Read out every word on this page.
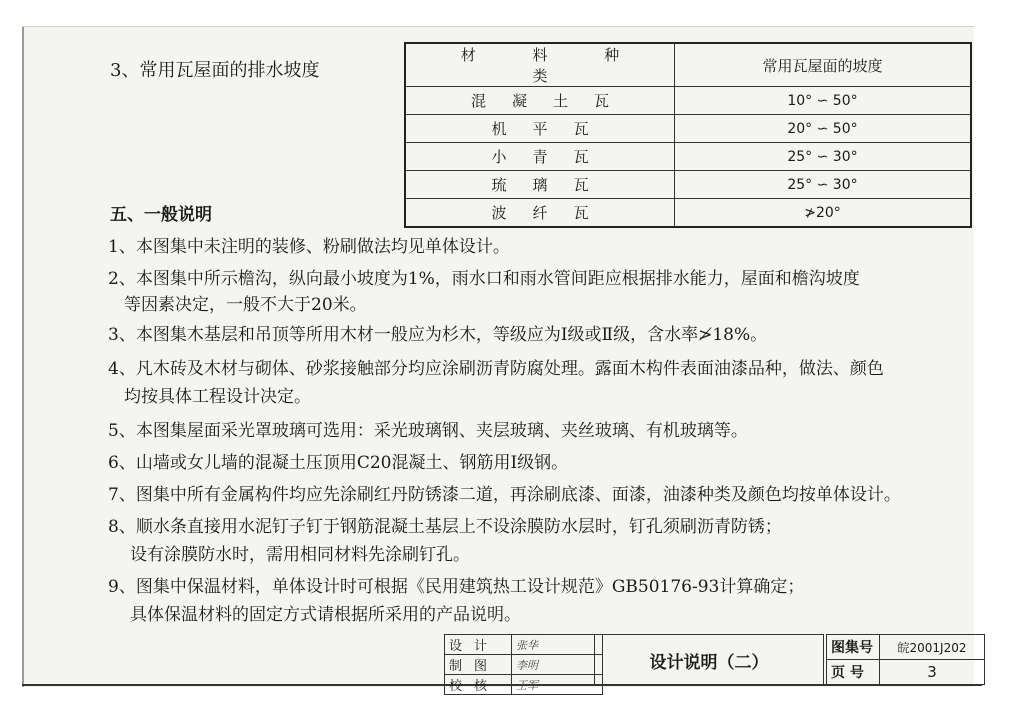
3、常用瓦屋面的排水坡度
材 料 种 类	常用瓦屋面的坡度
混凝土瓦	10° ∽ 50°
机平瓦	20° ∽ 50°
小青瓦	25° ∽ 30°
琉璃瓦	25° ∽ 30°
波纤瓦	≯20°
五、一般说明
1、本图集中未注明的装修、粉刷做法均见单体设计。
2、本图集中所示檐沟，纵向最小坡度为1%，雨水口和雨水管间距应根据排水能力，屋面和檐沟坡度
等因素决定，一般不大于20米。
3、本图集木基层和吊顶等所用木材一般应为杉木，等级应为Ⅰ级或Ⅱ级，含水率≯18%。
4、凡木砖及木材与砌体、砂浆接触部分均应涂刷沥青防腐处理。露面木构件表面油漆品种，做法、颜色
均按具体工程设计决定。
5、本图集屋面采光罩玻璃可选用：采光玻璃钢、夹层玻璃、夹丝玻璃、有机玻璃等。
6、山墙或女儿墙的混凝土压顶用C20混凝土、钢筋用Ⅰ级钢。
7、图集中所有金属构件均应先涂刷红丹防锈漆二道，再涂刷底漆、面漆，油漆种类及颜色均按单体设计。
8、顺水条直接用水泥钉子钉于钢筋混凝土基层上不设涂膜防水层时，钉孔须刷沥青防锈；
设有涂膜防水时，需用相同材料先涂刷钉孔。
9、图集中保温材料，单体设计时可根据《民用建筑热工设计规范》GB50176-93计算确定；
具体保温材料的固定方式请根据所采用的产品说明。
设计	张华
制图	李明
校核	王军
设计说明（二）
图集号	皖2001J202
页 号	3
